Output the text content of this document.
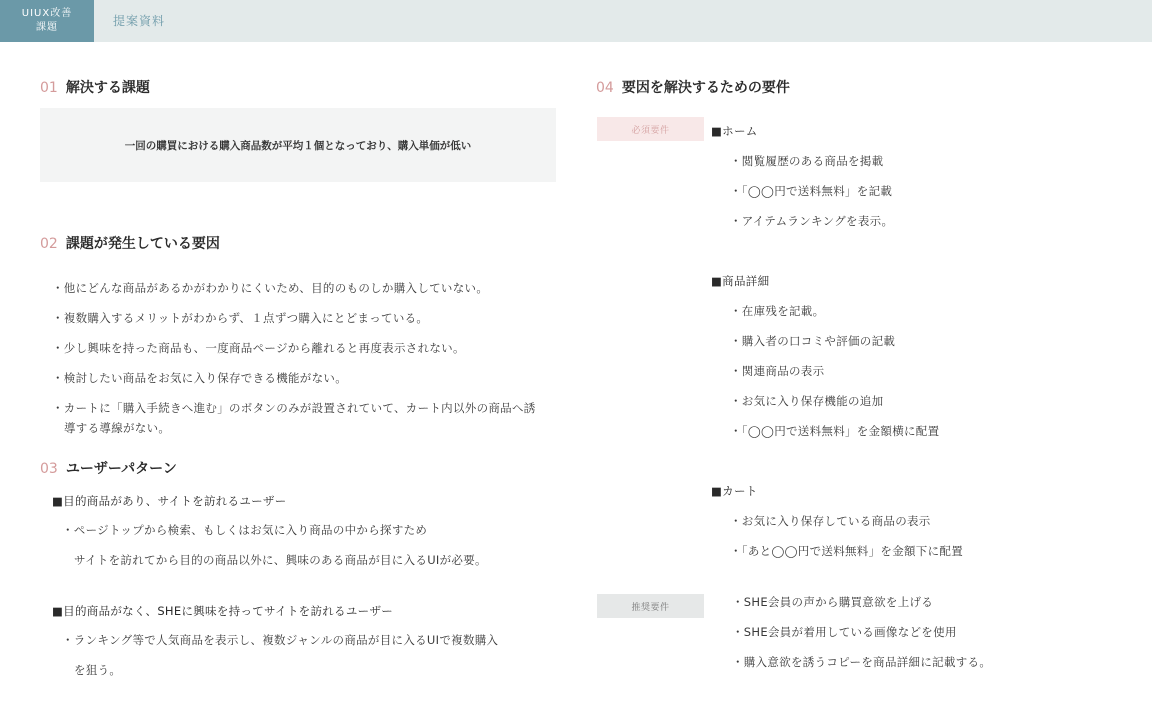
UIUX改善
課題	提案資料
01 解決する課題
一回の購買における購入商品数が平均１個となっており、購入単価が低い
02 課題が発生している要因
・他にどんな商品があるかがわかりにくいため、目的のものしか購入していない。
・複数購入するメリットがわからず、１点ずつ購入にとどまっている。
・少し興味を持った商品も、一度商品ページから離れると再度表示されない。
・検討したい商品をお気に入り保存できる機能がない。
・カートに「購入手続きへ進む」のボタンのみが設置されていて、カート内以外の商品へ誘
導する導線がない。
03 ユーザーパターン
■目的商品があり、サイトを訪れるユーザー
・ページトップから検索、もしくはお気に入り商品の中から探すため
サイトを訪れてから目的の商品以外に、興味のある商品が目に入るUIが必要。
■目的商品がなく、SHEに興味を持ってサイトを訪れるユーザー
・ランキング等で人気商品を表示し、複数ジャンルの商品が目に入るUIで複数購入
を狙う。
04 要因を解決するための要件
必須要件	■ホーム
・閲覧履歴のある商品を掲載
・「◯◯円で送料無料」を記載
・アイテムランキングを表示。
■商品詳細
・在庫残を記載。
・購入者の口コミや評価の記載
・関連商品の表示
・お気に入り保存機能の追加
・「◯◯円で送料無料」を金額横に配置
■カート
・お気に入り保存している商品の表示
・「あと◯◯円で送料無料」を金額下に配置
推奨要件	・SHE会員の声から購買意欲を上げる
・SHE会員が着用している画像などを使用
・購入意欲を誘うコピーを商品詳細に記載する。
